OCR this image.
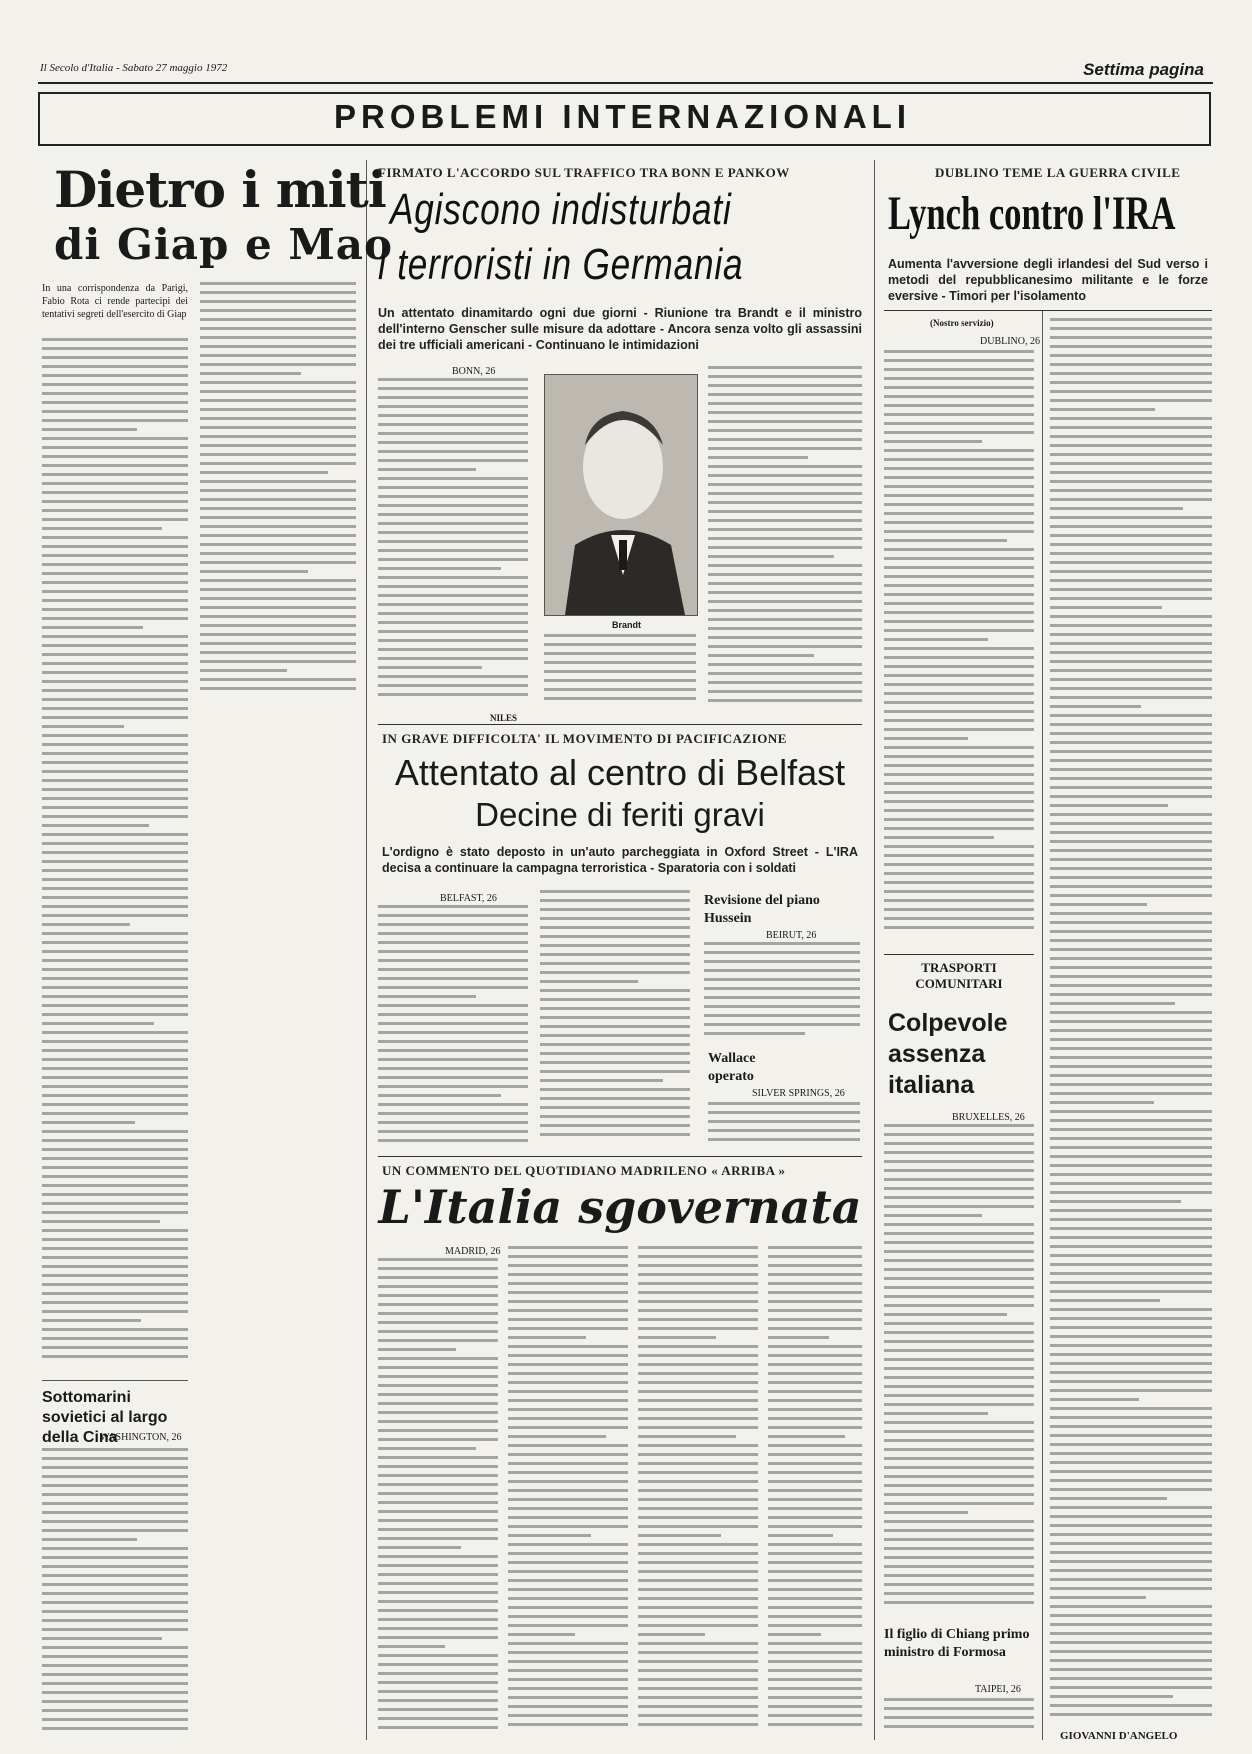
Il Secolo d'Italia - Sabato 27 maggio 1972	Settima pagina
PROBLEMI INTERNAZIONALI
Dietro i miti
di Giap e Mao
In una corrispondenza da Parigi, Fabio Rota ci rende partecipi dei tentativi segreti dell'esercito di Giap
Sottomarini sovietici al largo della Cina
WASHINGTON, 26
FIRMATO L'ACCORDO SUL TRAFFICO TRA BONN E PANKOW
Agiscono indisturbati
i terroristi in Germania
Un attentato dinamitardo ogni due giorni - Riunione tra Brandt e il ministro dell'interno Genscher sulle misure da adottare - Ancora senza volto gli assassini dei tre ufficiali americani - Continuano le intimidazioni
BONN, 26
Brandt
NILES
IN GRAVE DIFFICOLTA' IL MOVIMENTO DI PACIFICAZIONE
Attentato al centro di Belfast
Decine di feriti gravi
L'ordigno è stato deposto in un'auto parcheggiata in Oxford Street - L'IRA decisa a continuare la campagna terroristica - Sparatoria con i soldati
BELFAST, 26	Revisione del piano Hussein
BEIRUT, 26
Wallace operato
SILVER SPRINGS, 26
UN COMMENTO DEL QUOTIDIANO MADRILENO « ARRIBA »
L'Italia sgovernata
MADRID, 26
DUBLINO TEME LA GUERRA CIVILE
Lynch contro l'IRA
Aumenta l'avversione degli irlandesi del Sud verso i metodi del repubblicanesimo militante e le forze eversive - Timori per l'isolamento
(Nostro servizio)
DUBLINO, 26
TRASPORTI COMUNITARI
Colpevole assenza italiana
BRUXELLES, 26
Il figlio di Chiang primo ministro di Formosa
TAIPEI, 26
GIOVANNI D'ANGELO
